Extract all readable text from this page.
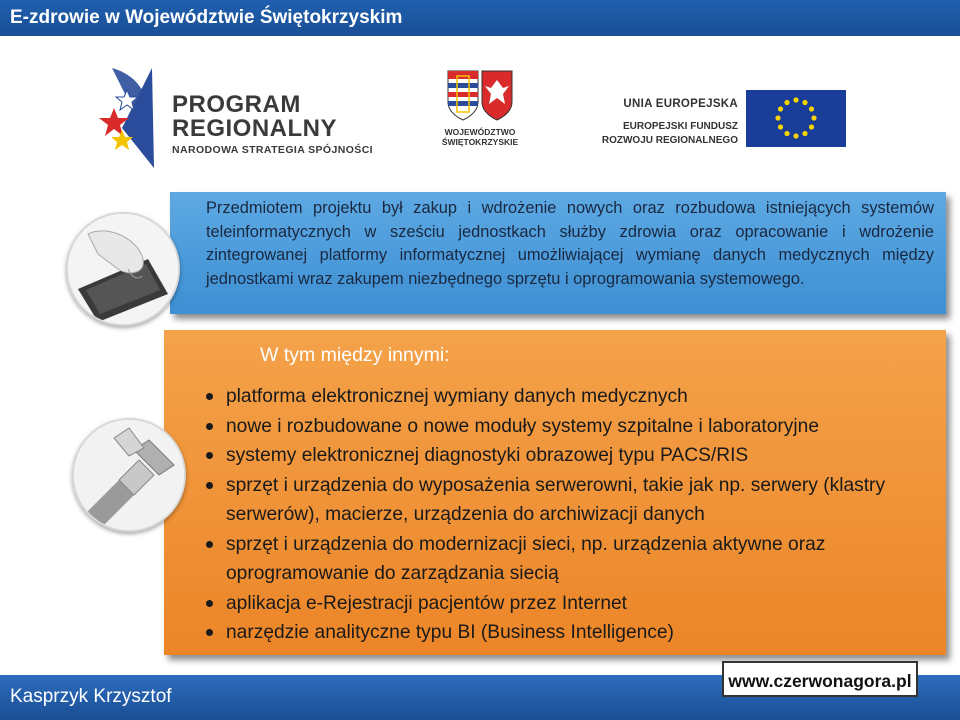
E-zdrowie w Województwie Świętokrzyskim
PROGRAM
REGIONALNY
NARODOWA STRATEGIA SPÓJNOŚCI
WOJEWÓDZTWO
ŚWIĘTOKRZYSKIE
UNIA EUROPEJSKA
EUROPEJSKI FUNDUSZ
ROZWOJU REGIONALNEGO

Przedmiotem projektu był zakup i wdrożenie nowych oraz rozbudowa istniejących systemów teleinformatycznych w sześciu jednostkach służby zdrowia oraz opracowanie i wdrożenie zintegrowanej platformy informatycznej umożliwiającej wymianę danych medycznych między jednostkami wraz zakupem niezbędnego sprzętu i oprogramowania systemowego.

W tym między innymi:
platforma elektronicznej wymiany danych medycznych
nowe i rozbudowane o nowe moduły systemy szpitalne i laboratoryjne
systemy elektronicznej diagnostyki obrazowej typu PACS/RIS
sprzęt i urządzenia do wyposażenia serwerowni, takie jak np. serwery (klastry serwerów), macierze, urządzenia do archiwizacji danych
sprzęt i urządzenia do modernizacji sieci, np. urządzenia aktywne oraz oprogramowanie do zarządzania siecią
aplikacja e-Rejestracji pacjentów przez Internet
narzędzie analityczne typu BI (Business Intelligence)
Kasprzyk Krzysztof
www.czerwonagora.pl
